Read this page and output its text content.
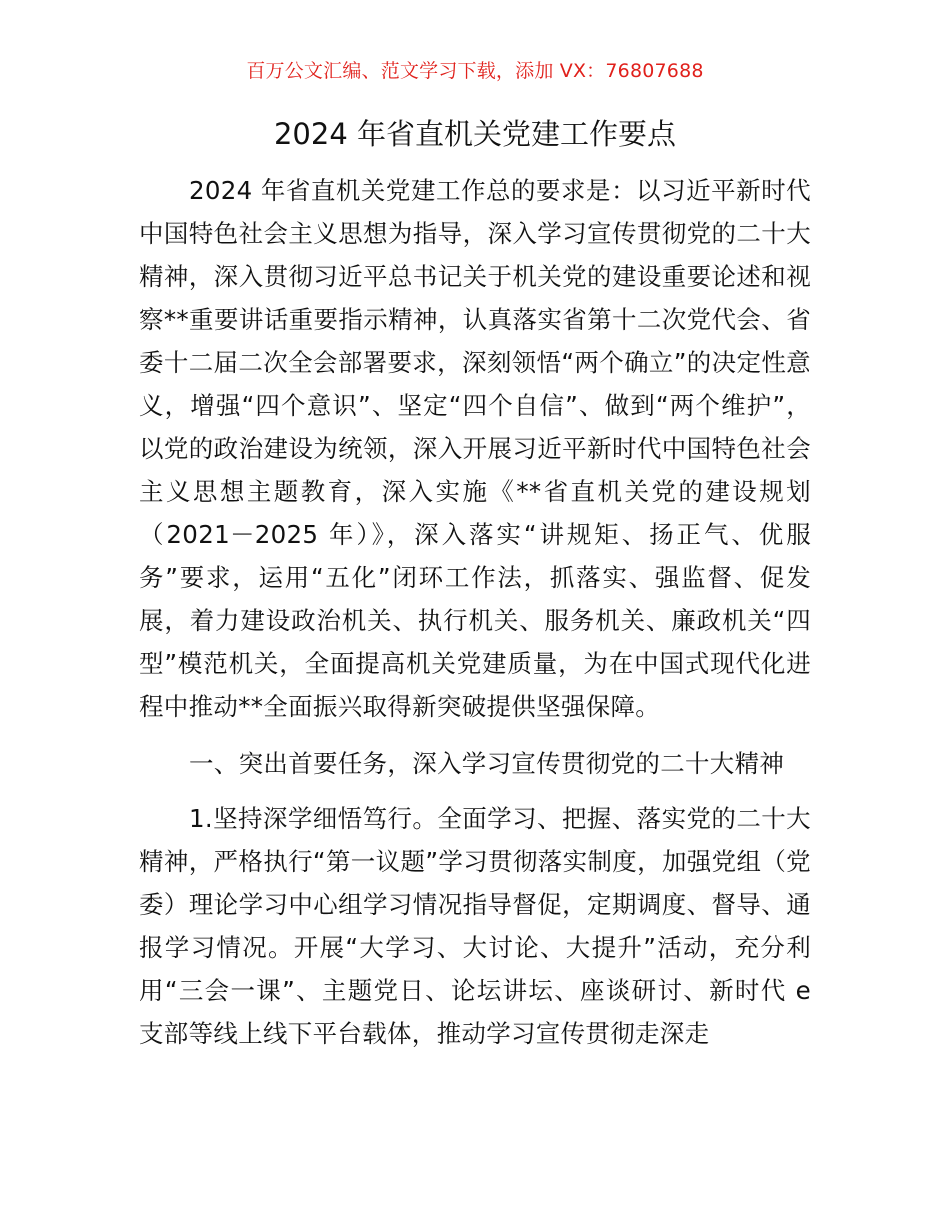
百万公文汇编、范文学习下载，添加 VX：76807688
2024 年省直机关党建工作要点

2024 年省直机关党建工作总的要求是：以习近平新时代中国特色社会主义思想为指导，深入学习宣传贯彻党的二十大精神，深入贯彻习近平总书记关于机关党的建设重要论述和视察**重要讲话重要指示精神，认真落实省第十二次党代会、省委十二届二次全会部署要求，深刻领悟“两个确立”的决定性意义，增强“四个意识”、坚定“四个自信”、做到“两个维护”，以党的政治建设为统领，深入开展习近平新时代中国特色社会主义思想主题教育，深入实施《**省直机关党的建设规划（2021－2025 年）》，深入落实“讲规矩、扬正气、优服务”要求，运用“五化”闭环工作法，抓落实、强监督、促发展，着力建设政治机关、执行机关、服务机关、廉政机关“四型”模范机关，全面提高机关党建质量，为在中国式现代化进程中推动**全面振兴取得新突破提供坚强保障。

一、突出首要任务，深入学习宣传贯彻党的二十大精神

1.坚持深学细悟笃行。全面学习、把握、落实党的二十大精神，严格执行“第一议题”学习贯彻落实制度，加强党组（党委）理论学习中心组学习情况指导督促，定期调度、督导、通报学习情况。开展“大学习、大讨论、大提升”活动，充分利用“三会一课”、主题党日、论坛讲坛、座谈研讨、新时代 e 支部等线上线下平台载体，推动学习宣传贯彻走深走
